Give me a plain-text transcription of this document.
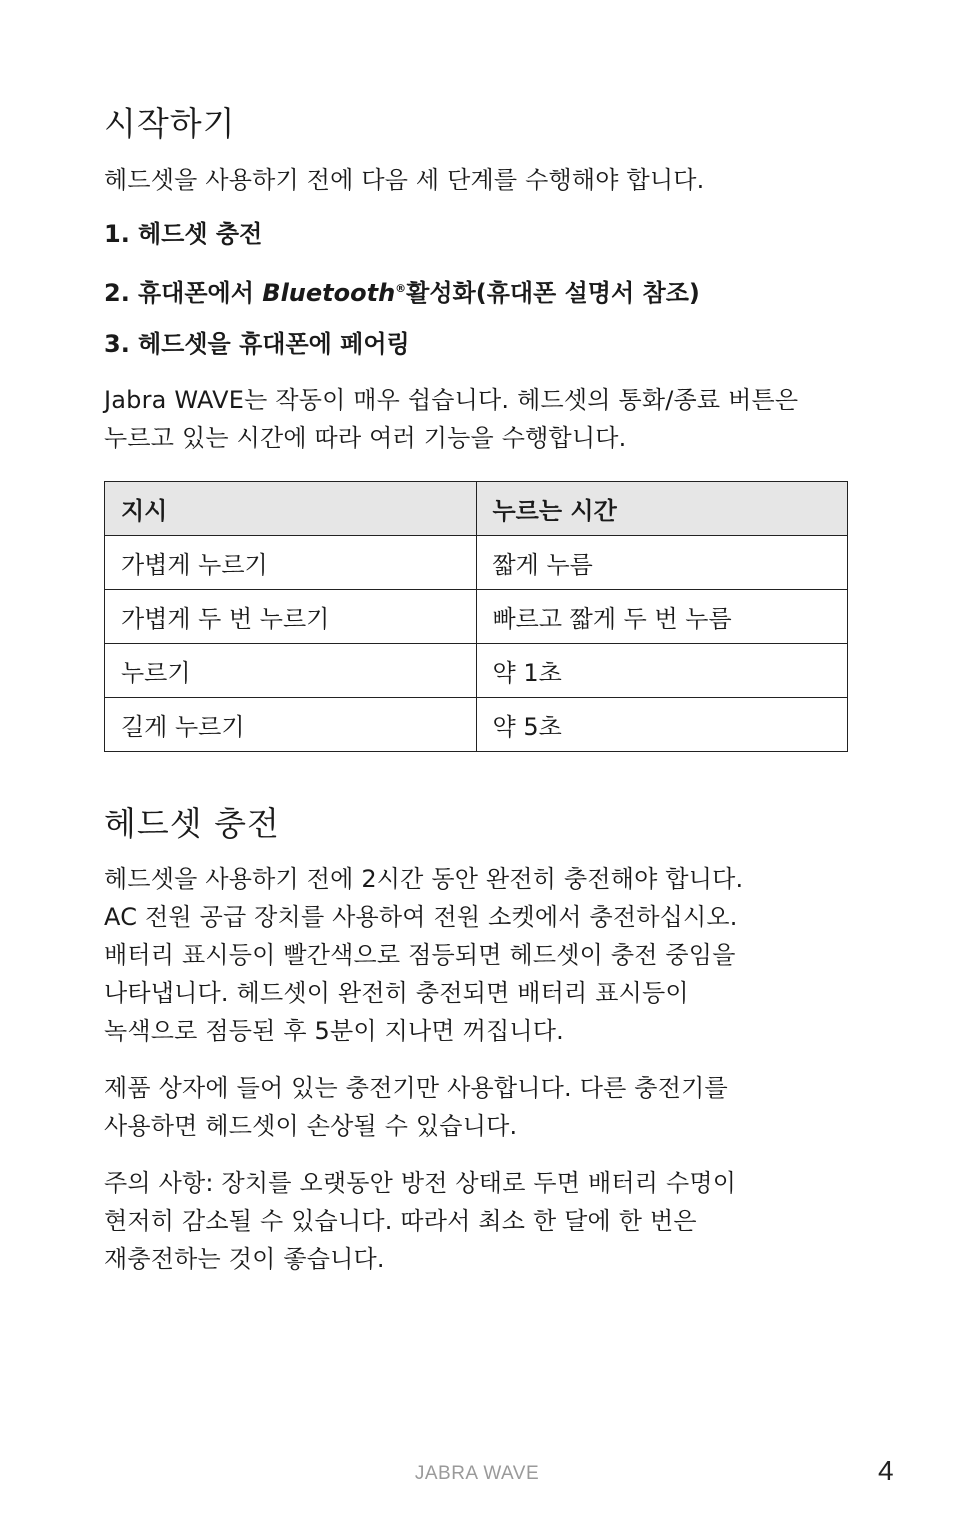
시작하기

헤드셋을 사용하기 전에 다음 세 단계를 수행해야 합니다.

1. 헤드셋 충전
2. 휴대폰에서 Bluetooth®활성화(휴대폰 설명서 참조)
3. 헤드셋을 휴대폰에 페어링

Jabra WAVE는 작동이 매우 쉽습니다. 헤드셋의 통화/종료 버튼은
누르고 있는 시간에 따라 여러 기능을 수행합니다.

지시	누르는 시간
가볍게 누르기	짧게 누름
가볍게 두 번 누르기	빠르고 짧게 두 번 누름
누르기	약 1초
길게 누르기	약 5초
헤드셋 충전

헤드셋을 사용하기 전에 2시간 동안 완전히 충전해야 합니다.
AC 전원 공급 장치를 사용하여 전원 소켓에서 충전하십시오.
배터리 표시등이 빨간색으로 점등되면 헤드셋이 충전 중임을
나타냅니다. 헤드셋이 완전히 충전되면 배터리 표시등이
녹색으로 점등된 후 5분이 지나면 꺼집니다.

제품 상자에 들어 있는 충전기만 사용합니다. 다른 충전기를
사용하면 헤드셋이 손상될 수 있습니다.

주의 사항: 장치를 오랫동안 방전 상태로 두면 배터리 수명이
현저히 감소될 수 있습니다. 따라서 최소 한 달에 한 번은
재충전하는 것이 좋습니다.

JABRA WAVE	4
